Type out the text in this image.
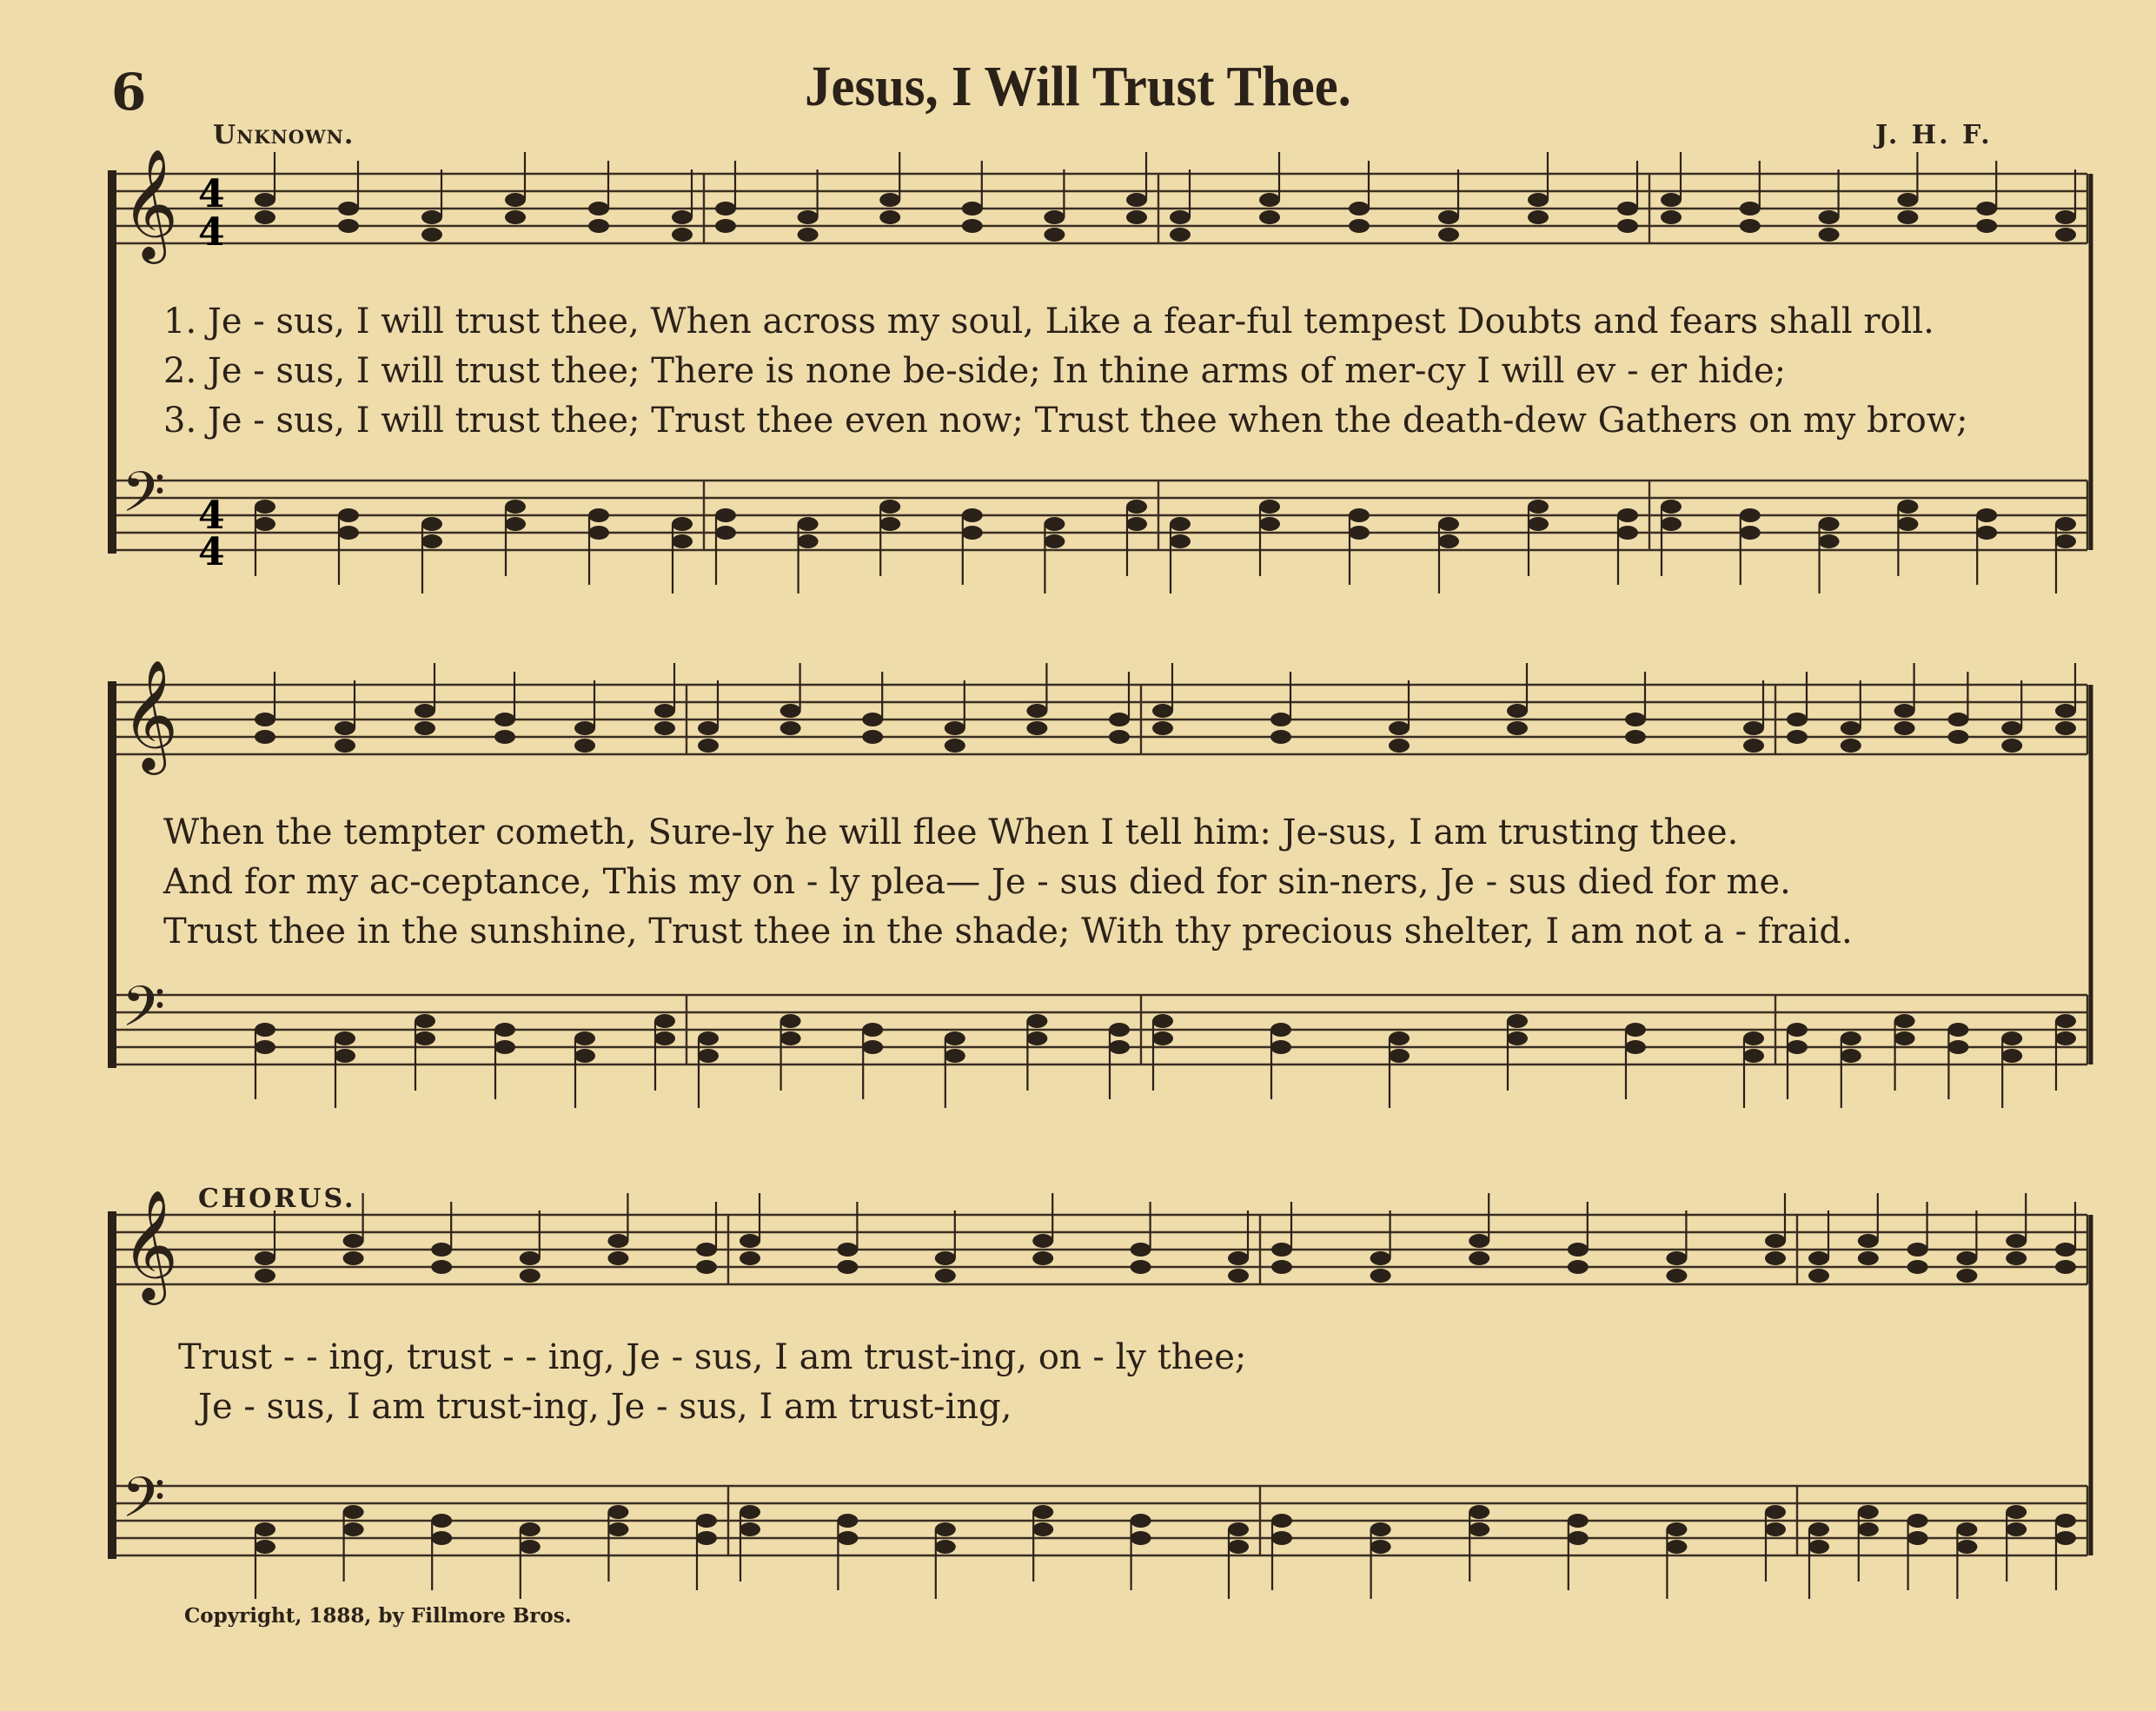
6	Jesus, I Will Trust Thee.
Unknown.	J. H. F.
𝄞
𝄢
𝄞
𝄢
𝄞
𝄢
4
4
4
4
1. Je - sus, I will trust thee, When across my soul, Like a fear-ful tempest Doubts and fears shall roll.
2. Je - sus, I will trust thee; There is none be-side; In thine arms of mer-cy I will ev - er hide;
3. Je - sus, I will trust thee; Trust thee even now; Trust thee when the death-dew Gathers on my brow;
When the tempter cometh, Sure-ly he will flee When I tell him: Je-sus, I am trusting thee.
And for my ac-ceptance, This my on - ly plea— Je - sus died for sin-ners, Je - sus died for me.
Trust thee in the sunshine, Trust thee in the shade; With thy precious shelter, I am not a - fraid.
CHORUS.
Trust - - ing, trust - - ing, Je - sus, I am trust-ing, on - ly thee;
Je - sus, I am trust-ing, Je - sus, I am trust-ing,
Copyright, 1888, by Fillmore Bros.
